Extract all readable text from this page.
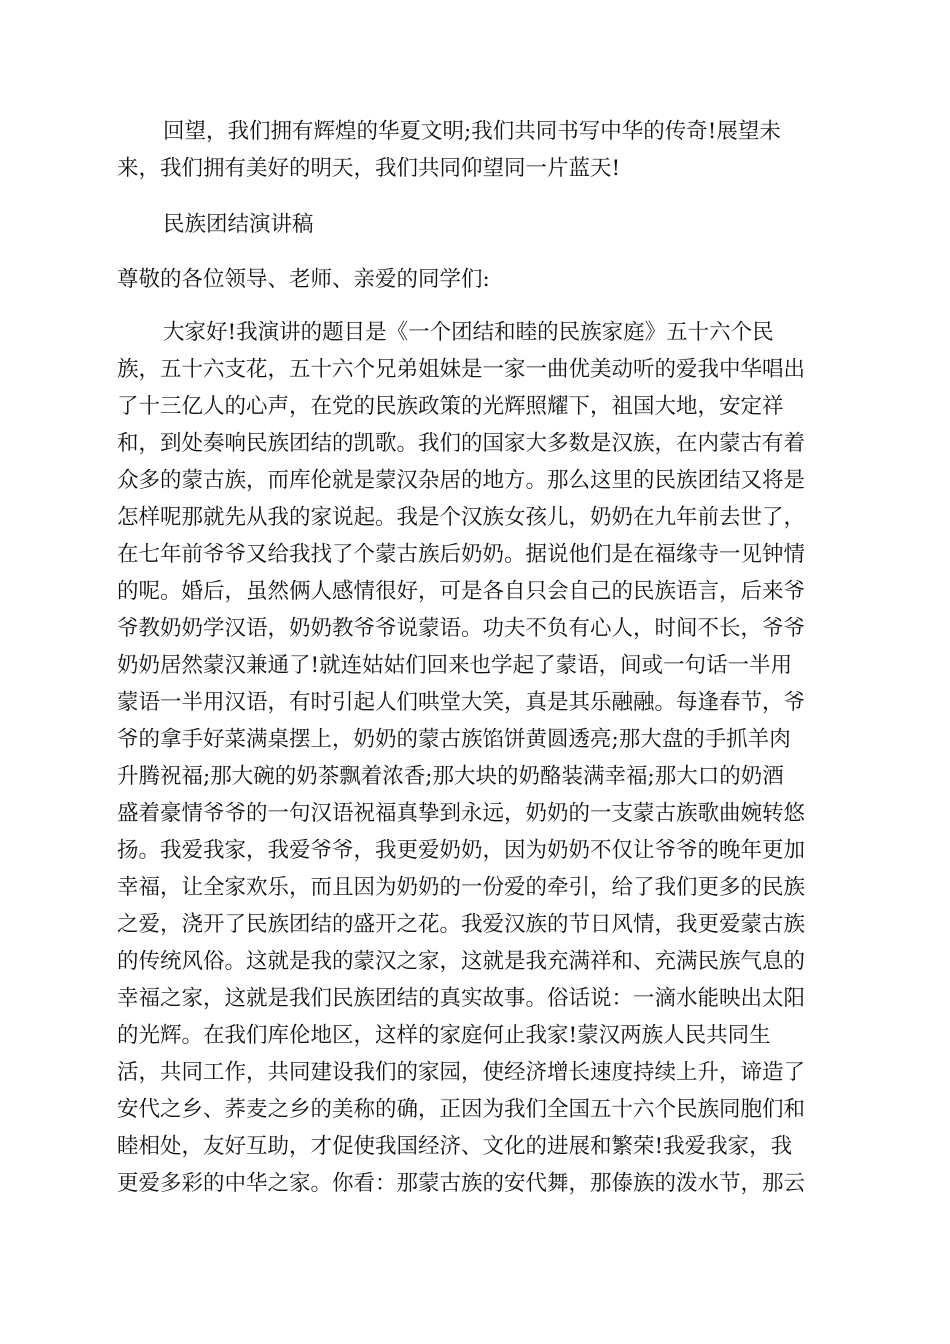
回望，我们拥有辉煌的华夏文明;我们共同书写中华的传奇!展望未
来，我们拥有美好的明天，我们共同仰望同一片蓝天!
民族团结演讲稿
尊敬的各位领导、老师、亲爱的同学们:
大家好!我演讲的题目是《一个团结和睦的民族家庭》五十六个民
族，五十六支花，五十六个兄弟姐妹是一家一曲优美动听的爱我中华唱出
了十三亿人的心声，在党的民族政策的光辉照耀下，祖国大地，安定祥
和，到处奏响民族团结的凯歌。我们的国家大多数是汉族，在内蒙古有着
众多的蒙古族，而库伦就是蒙汉杂居的地方。那么这里的民族团结又将是
怎样呢那就先从我的家说起。我是个汉族女孩儿，奶奶在九年前去世了，
在七年前爷爷又给我找了个蒙古族后奶奶。据说他们是在福缘寺一见钟情
的呢。婚后，虽然俩人感情很好，可是各自只会自己的民族语言，后来爷
爷教奶奶学汉语，奶奶教爷爷说蒙语。功夫不负有心人，时间不长，爷爷
奶奶居然蒙汉兼通了!就连姑姑们回来也学起了蒙语，间或一句话一半用
蒙语一半用汉语，有时引起人们哄堂大笑，真是其乐融融。每逢春节，爷
爷的拿手好菜满桌摆上，奶奶的蒙古族馅饼黄圆透亮;那大盘的手抓羊肉
升腾祝福;那大碗的奶茶飘着浓香;那大块的奶酪装满幸福;那大口的奶酒
盛着豪情爷爷的一句汉语祝福真挚到永远，奶奶的一支蒙古族歌曲婉转悠
扬。我爱我家，我爱爷爷，我更爱奶奶，因为奶奶不仅让爷爷的晚年更加
幸福，让全家欢乐，而且因为奶奶的一份爱的牵引，给了我们更多的民族
之爱，浇开了民族团结的盛开之花。我爱汉族的节日风情，我更爱蒙古族
的传统风俗。这就是我的蒙汉之家，这就是我充满祥和、充满民族气息的
幸福之家，这就是我们民族团结的真实故事。俗话说：一滴水能映出太阳
的光辉。在我们库伦地区，这样的家庭何止我家!蒙汉两族人民共同生
活，共同工作，共同建设我们的家园，使经济增长速度持续上升，谛造了
安代之乡、荞麦之乡的美称的确，正因为我们全国五十六个民族同胞们和
睦相处，友好互助，才促使我国经济、文化的进展和繁荣!我爱我家，我
更爱多彩的中华之家。你看：那蒙古族的安代舞，那傣族的泼水节，那云
